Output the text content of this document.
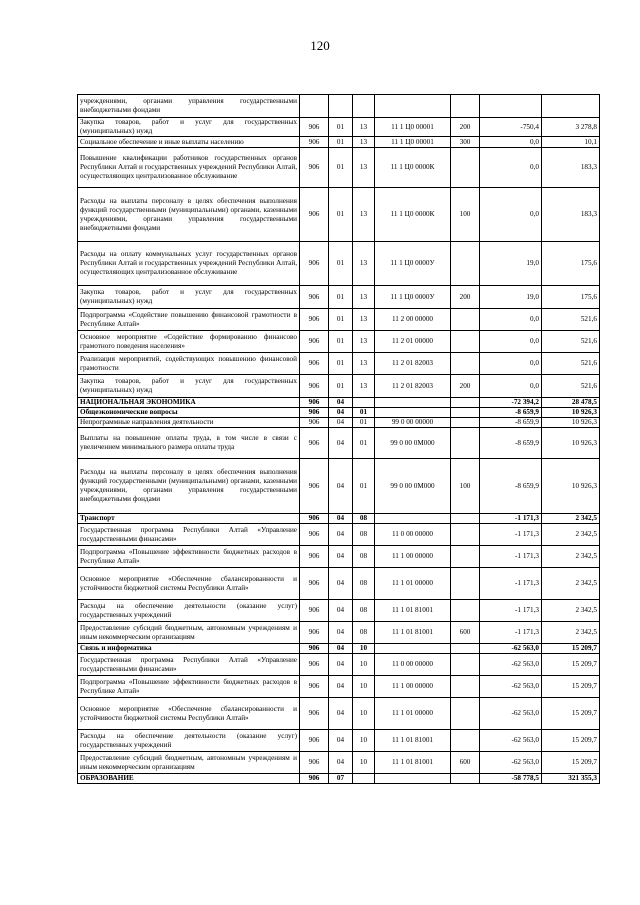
120
учреждениями, органами управления государственными внебюджетными фондами							
Закупка товаров, работ и услуг для государственных (муниципальных) нужд	906	01	13	11 1 Ц0 00001	200	-750,4	3 278,8
Социальное обеспечение и иные выплаты населению	906	01	13	11 1 Ц0 00001	300	0,0	10,1
Повышение квалификации работников государственных органов Республики Алтай и государственных учреждений Республики Алтай, осуществляющих централизованное обслуживание	906	01	13	11 1 Ц0 0000К		0,0	183,3
Расходы на выплаты персоналу в целях обеспечения выполнения функций государственными (муниципальными) органами, казенными учреждениями, органами управления государственными внебюджетными фондами	906	01	13	11 1 Ц0 0000К	100	0,0	183,3
Расходы на оплату коммунальных услуг государственных органов Республики Алтай и государственных учреждений Республики Алтай, осуществляющих централизованное обслуживание	906	01	13	11 1 Ц0 0000У		19,0	175,6
Закупка товаров, работ и услуг для государственных (муниципальных) нужд	906	01	13	11 1 Ц0 0000У	200	19,0	175,6
Подпрограмма «Содействие повышению финансовой грамотности в Республике Алтай»	906	01	13	11 2 00 00000		0,0	521,6
Основное мероприятие «Содействие формированию финансово грамотного поведения населения»	906	01	13	11 2 01 00000		0,0	521,6
Реализация мероприятий, содействующих повышению финансовой грамотности	906	01	13	11 2 01 82003		0,0	521,6
Закупка товаров, работ и услуг для государственных (муниципальных) нужд	906	01	13	11 2 01 82003	200	0,0	521,6
НАЦИОНАЛЬНАЯ ЭКОНОМИКА	906	04				-72 394,2	28 478,5
Общеэкономические вопросы	906	04	01			-8 659,9	10 926,3
Непрограммные направления деятельности	906	04	01	99 0 00 00000		-8 659,9	10 926,3
Выплаты на повышение оплаты труда, в том числе в связи с увеличением минимального размера оплаты труда	906	04	01	99 0 00 0М000		-8 659,9	10 926,3
Расходы на выплаты персоналу в целях обеспечения выполнения функций государственными (муниципальными) органами, казенными учреждениями, органами управления государственными внебюджетными фондами	906	04	01	99 0 00 0М000	100	-8 659,9	10 926,3
Транспорт	906	04	08			-1 171,3	2 342,5
Государственная программа Республики Алтай «Управление государственными финансами»	906	04	08	11 0 00 00000		-1 171,3	2 342,5
Подпрограмма «Повышение эффективности бюджетных расходов в Республике Алтай»	906	04	08	11 1 00 00000		-1 171,3	2 342,5
Основное мероприятие «Обеспечение сбалансированности и устойчивости бюджетной системы Республики Алтай»	906	04	08	11 1 01 00000		-1 171,3	2 342,5
Расходы на обеспечение деятельности (оказание услуг) государственных учреждений	906	04	08	11 1 01 81001		-1 171,3	2 342,5
Предоставление субсидий бюджетным, автономным учреждениям и иным некоммерческим организациям	906	04	08	11 1 01 81001	600	-1 171,3	2 342,5
Связь и информатика	906	04	10			-62 563,0	15 209,7
Государственная программа Республики Алтай «Управление государственными финансами»	906	04	10	11 0 00 00000		-62 563,0	15 209,7
Подпрограмма «Повышение эффективности бюджетных расходов в Республике Алтай»	906	04	10	11 1 00 00000		-62 563,0	15 209,7
Основное мероприятие «Обеспечение сбалансированности и устойчивости бюджетной системы Республики Алтай»	906	04	10	11 1 01 00000		-62 563,0	15 209,7
Расходы на обеспечение деятельности (оказание услуг) государственных учреждений	906	04	10	11 1 01 81001		-62 563,0	15 209,7
Предоставление субсидий бюджетным, автономным учреждениям и иным некоммерческим организациям	906	04	10	11 1 01 81001	600	-62 563,0	15 209,7
ОБРАЗОВАНИЕ	906	07				-58 778,5	321 355,3
